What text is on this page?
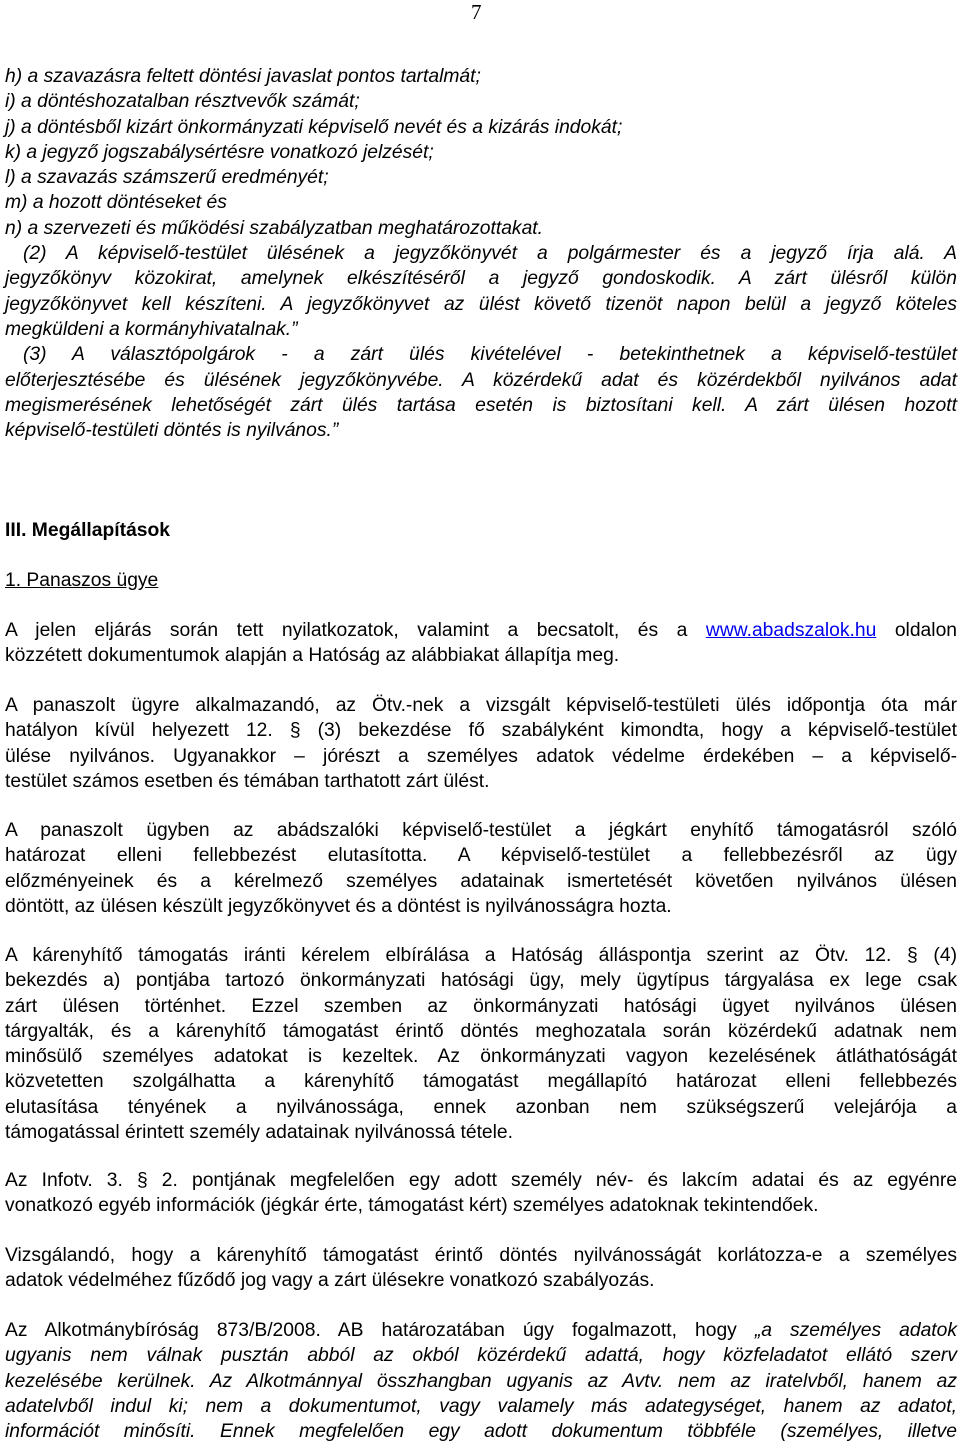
7
h) a szavazásra feltett döntési javaslat pontos tartalmát;
i) a döntéshozatalban résztvevők számát;
j) a döntésből kizárt önkormányzati képviselő nevét és a kizárás indokát;
k) a jegyző jogszabálysértésre vonatkozó jelzését;
l) a szavazás számszerű eredményét;
m) a hozott döntéseket és
n) a szervezeti és működési szabályzatban meghatározottakat.
(2) A képviselő-testület ülésének a jegyzőkönyvét a polgármester és a jegyző írja alá. A
jegyzőkönyv közokirat, amelynek elkészítéséről a jegyző gondoskodik. A zárt ülésről külön
jegyzőkönyvet kell készíteni. A jegyzőkönyvet az ülést követő tizenöt napon belül a jegyző köteles
megküldeni a kormányhivatalnak.”
(3) A választópolgárok - a zárt ülés kivételével - betekinthetnek a képviselő-testület
előterjesztésébe és ülésének jegyzőkönyvébe. A közérdekű adat és közérdekből nyilvános adat
megismerésének lehetőségét zárt ülés tartása esetén is biztosítani kell. A zárt ülésen hozott
képviselő-testületi döntés is nyilvános.”
III. Megállapítások
1. Panaszos ügye
A jelen eljárás során tett nyilatkozatok, valamint a becsatolt, és a www.abadszalok.hu oldalon
közzétett dokumentumok alapján a Hatóság az alábbiakat állapítja meg.
A panaszolt ügyre alkalmazandó, az Ötv.-nek a vizsgált képviselő-testületi ülés időpontja óta már
hatályon kívül helyezett 12. § (3) bekezdése fő szabályként kimondta, hogy a képviselő-testület
ülése nyilvános. Ugyanakkor – jórészt a személyes adatok védelme érdekében – a képviselő-
testület számos esetben és témában tarthatott zárt ülést.
A panaszolt ügyben az abádszalóki képviselő-testület a jégkárt enyhítő támogatásról szóló
határozat elleni fellebbezést elutasította. A képviselő-testület a fellebbezésről az ügy
előzményeinek és a kérelmező személyes adatainak ismertetését követően nyilvános ülésen
döntött, az ülésen készült jegyzőkönyvet és a döntést is nyilvánosságra hozta.
A kárenyhítő támogatás iránti kérelem elbírálása a Hatóság álláspontja szerint az Ötv. 12. § (4)
bekezdés a) pontjába tartozó önkormányzati hatósági ügy, mely ügytípus tárgyalása ex lege csak
zárt ülésen történhet. Ezzel szemben az önkormányzati hatósági ügyet nyilvános ülésen
tárgyalták, és a kárenyhítő támogatást érintő döntés meghozatala során közérdekű adatnak nem
minősülő személyes adatokat is kezeltek. Az önkormányzati vagyon kezelésének átláthatóságát
közvetetten szolgálhatta a kárenyhítő támogatást megállapító határozat elleni fellebbezés
elutasítása tényének a nyilvánossága, ennek azonban nem szükségszerű velejárója a
támogatással érintett személy adatainak nyilvánossá tétele.
Az Infotv. 3. § 2. pontjának megfelelően egy adott személy név- és lakcím adatai és az egyénre
vonatkozó egyéb információk (jégkár érte, támogatást kért) személyes adatoknak tekintendőek.
Vizsgálandó, hogy a kárenyhítő támogatást érintő döntés nyilvánosságát korlátozza-e a személyes
adatok védelméhez fűződő jog vagy a zárt ülésekre vonatkozó szabályozás.
Az Alkotmánybíróság 873/B/2008. AB határozatában úgy fogalmazott, hogy „a személyes adatok
ugyanis nem válnak pusztán abból az okból közérdekű adattá, hogy közfeladatot ellátó szerv
kezelésébe kerülnek. Az Alkotmánnyal összhangban ugyanis az Avtv. nem az iratelvből, hanem az
adatelvből indul ki; nem a dokumentumot, vagy valamely más adategységet, hanem az adatot,
információt minősíti. Ennek megfelelően egy adott dokumentum többféle (személyes, illetve
